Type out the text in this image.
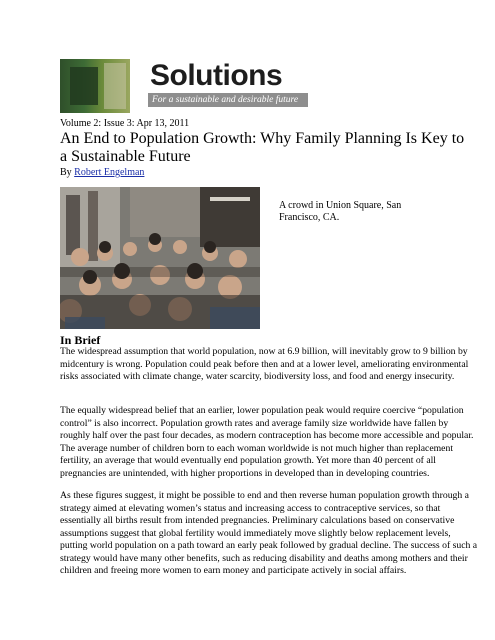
Solutions
For a sustainable and desirable future
Volume 2: Issue 3: Apr 13, 2011
An End to Population Growth: Why Family Planning Is Key to a Sustainable Future
By Robert Engelman
A crowd in Union Square, San Francisco, CA.
In Brief

The widespread assumption that world population, now at 6.9 billion, will inevitably grow to 9 billion by midcentury is wrong. Population could peak before then and at a lower level, ameliorating environmental risks associated with climate change, water scarcity, biodiversity loss, and food and energy insecurity.

The equally widespread belief that an earlier, lower population peak would require coercive “population control” is also incorrect. Population growth rates and average family size worldwide have fallen by roughly half over the past four decades, as modern contraception has become more accessible and popular. The average number of children born to each woman worldwide is not much higher than replacement fertility, an average that would eventually end population growth. Yet more than 40 percent of all pregnancies are unintended, with higher proportions in developed than in developing countries.

As these figures suggest, it might be possible to end and then reverse human population growth through a strategy aimed at elevating women’s status and increasing access to contraceptive services, so that essentially all births result from intended pregnancies. Preliminary calculations based on conservative assumptions suggest that global fertility would immediately move slightly below replacement levels, putting world population on a path toward an early peak followed by gradual decline. The success of such a strategy would have many other benefits, such as reducing disability and deaths among mothers and their children and freeing more women to earn money and participate actively in social affairs.
